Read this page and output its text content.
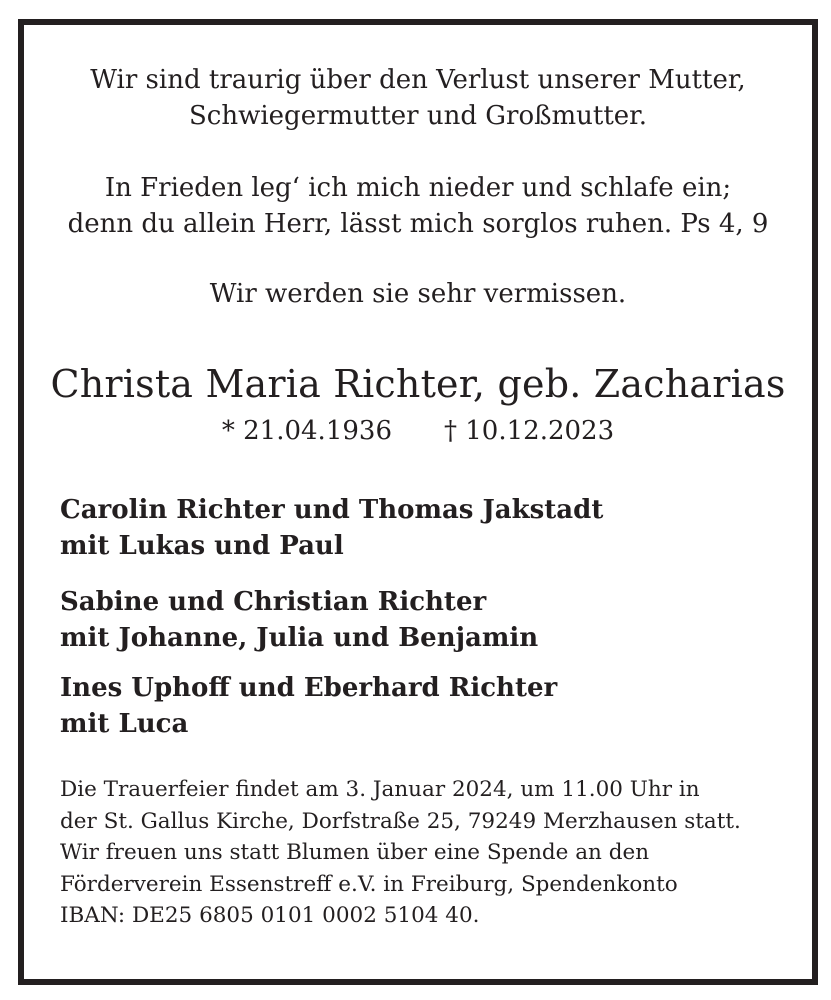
Wir sind traurig über den Verlust unserer Mutter,
Schwiegermutter und Großmutter.
In Frieden leg‘ ich mich nieder und schlafe ein;
denn du allein Herr, lässt mich sorglos ruhen. Ps 4, 9
Wir werden sie sehr vermissen.
Christa Maria Richter, geb. Zacharias
* 21.04.1936 † 10.12.2023
Carolin Richter und Thomas Jakstadt
mit Lukas und Paul
Sabine und Christian Richter
mit Johanne, Julia und Benjamin
Ines Uphoff und Eberhard Richter
mit Luca
Die Trauerfeier findet am 3. Januar 2024, um 11.00 Uhr in
der St. Gallus Kirche, Dorfstraße 25, 79249 Merzhausen statt.
Wir freuen uns statt Blumen über eine Spende an den
Förderverein Essenstreff e.V. in Freiburg, Spendenkonto
IBAN: DE25 6805 0101 0002 5104 40.
